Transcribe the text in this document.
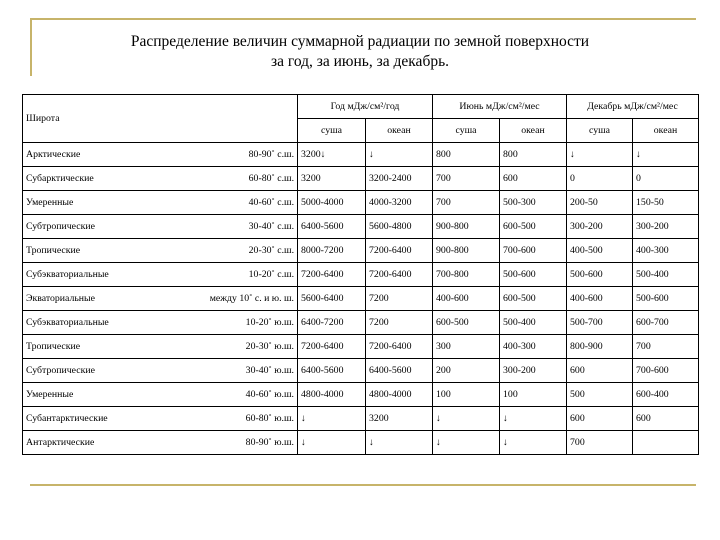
Распределение величин суммарной радиации по земной поверхности
за год, за июнь, за декабрь.
Широта		Год мДж/см²/год		Июнь мДж/см²/мес		Декабрь мДж/см²/мес	
		суша	океан	суша	океан	суша	океан
Арктические	80-90˚ с.ш.	3200↓	↓	800	800	↓	↓
Субарктические	60-80˚ с.ш.	3200	3200-2400	700	600	0	0
Умеренные	40-60˚ с.ш.	5000-4000	4000-3200	700	500-300	200-50	150-50
Субтропические	30-40˚ с.ш.	6400-5600	5600-4800	900-800	600-500	300-200	300-200
Тропические	20-30˚ с.ш.	8000-7200	7200-6400	900-800	700-600	400-500	400-300
Субэкваториальные	10-20˚ с.ш.	7200-6400	7200-6400	700-800	500-600	500-600	500-400
Экваториальные	между 10˚ с. и ю. ш.	5600-6400	7200	400-600	600-500	400-600	500-600
Субэкваториальные	10-20˚ ю.ш.	6400-7200	7200	600-500	500-400	500-700	600-700
Тропические	20-30˚ ю.ш.	7200-6400	7200-6400	300	400-300	800-900	700
Субтропические	30-40˚ ю.ш.	6400-5600	6400-5600	200	300-200	600	700-600
Умеренные	40-60˚ ю.ш.	4800-4000	4800-4000	100	100	500	600-400
Субантарктические	60-80˚ ю.ш.	↓	3200	↓	↓	600	600
Антарктические	80-90˚ ю.ш.	↓	↓	↓	↓	700	
